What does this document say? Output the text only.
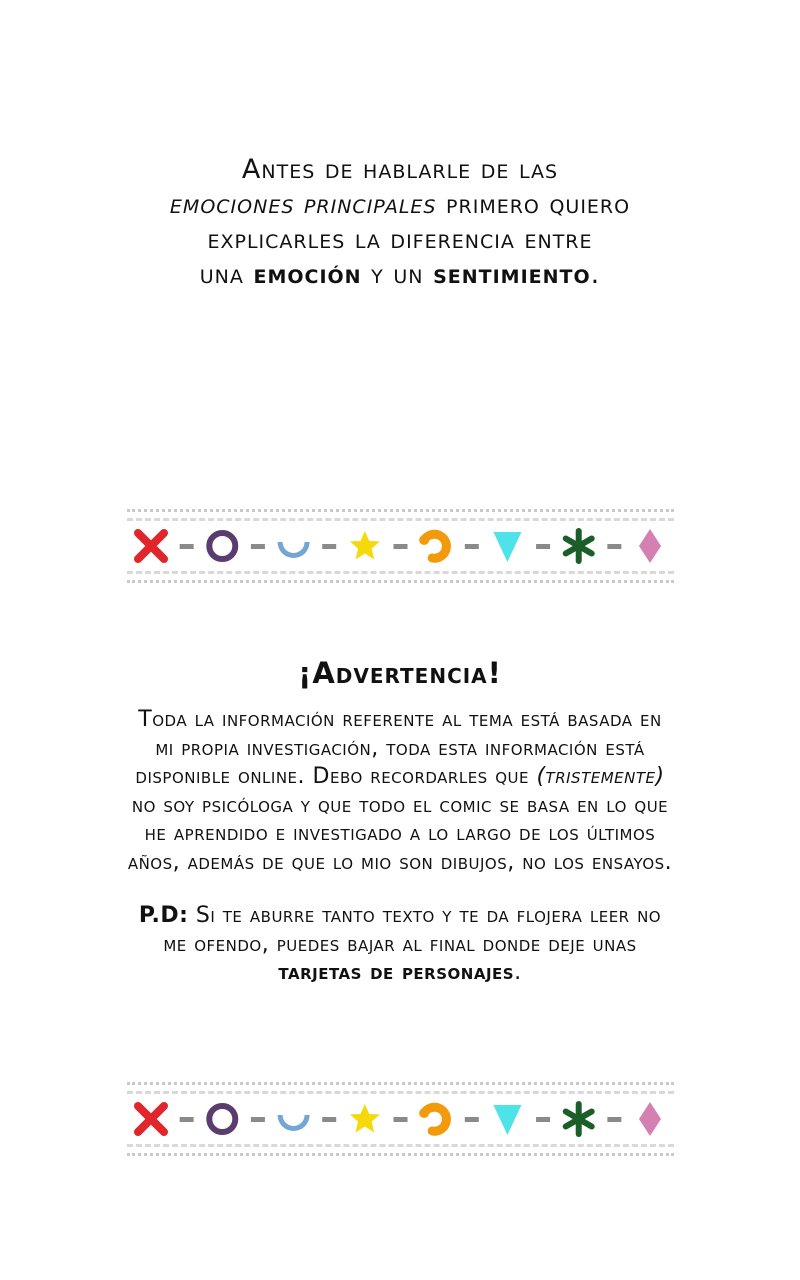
Antes de hablarle de las

emociones principales primero quiero

explicarles la diferencia entre

una emoción y un sentimiento.

¡Advertencia!

Toda la información referente al tema está basada en

mi propia investigación, toda esta información está

disponible online. Debo recordarles que (tristemente)

no soy psicóloga y que todo el comic se basa en lo que

he aprendido e investigado a lo largo de los últimos

años, además de que lo mio son dibujos, no los ensayos.

P.D: Si te aburre tanto texto y te da flojera leer no

me ofendo, puedes bajar al final donde deje unas

tarjetas de personajes.
